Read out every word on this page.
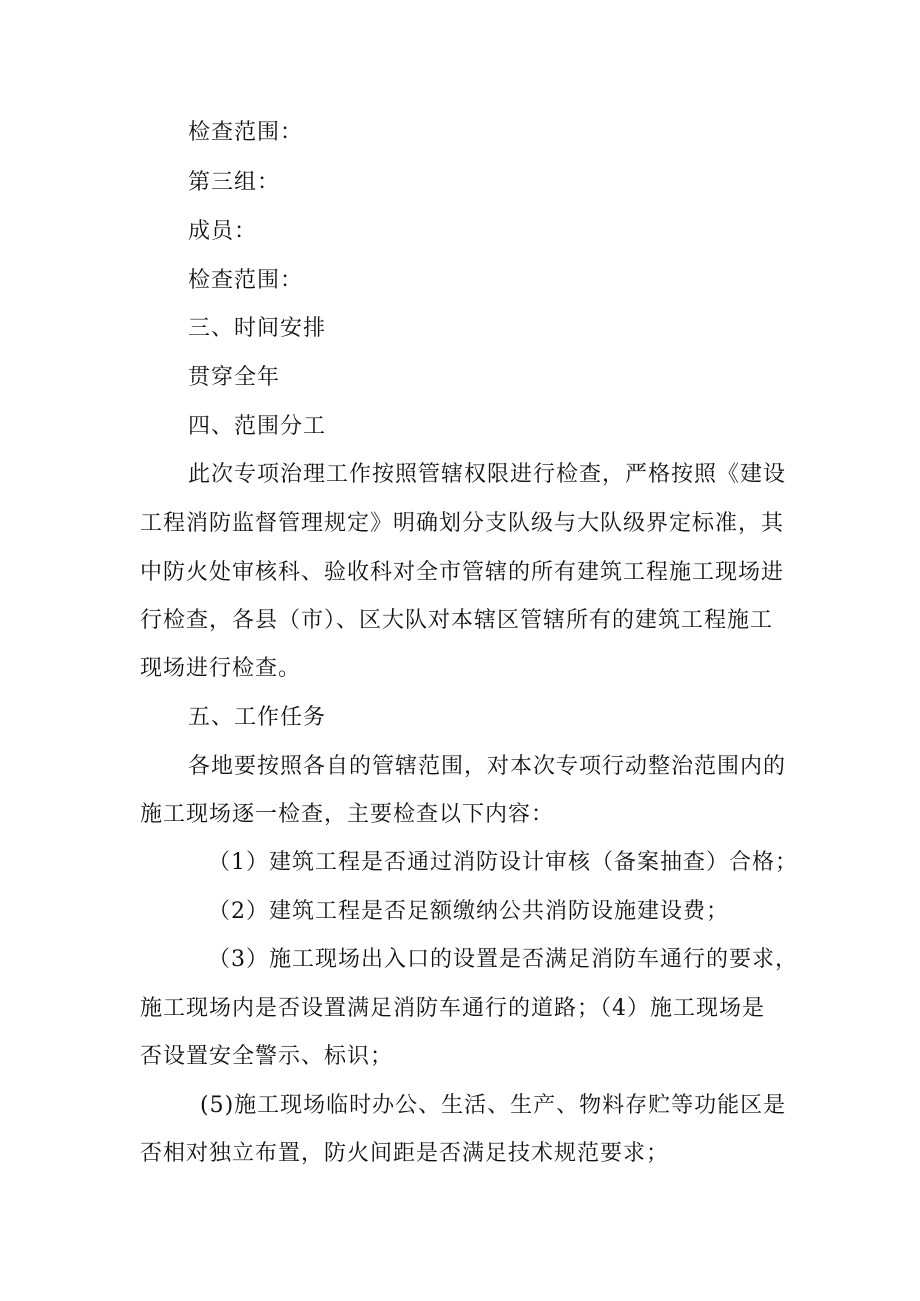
检查范围：
第三组：
成员：
检查范围：
三、时间安排
贯穿全年
四、范围分工
此次专项治理工作按照管辖权限进行检查，严格按照《建设
工程消防监督管理规定》明确划分支队级与大队级界定标准，其
中防火处审核科、验收科对全市管辖的所有建筑工程施工现场进
行检查，各县（市）、区大队对本辖区管辖所有的建筑工程施工
现场进行检查。
五、工作任务
各地要按照各自的管辖范围，对本次专项行动整治范围内的
施工现场逐一检查，主要检查以下内容：
（1）建筑工程是否通过消防设计审核（备案抽查）合格；
（2）建筑工程是否足额缴纳公共消防设施建设费；
（3）施工现场出入口的设置是否满足消防车通行的要求，
施工现场内是否设置满足消防车通行的道路；（4）施工现场是
否设置安全警示、标识；
(5)施工现场临时办公、生活、生产、物料存贮等功能区是
否相对独立布置，防火间距是否满足技术规范要求；
